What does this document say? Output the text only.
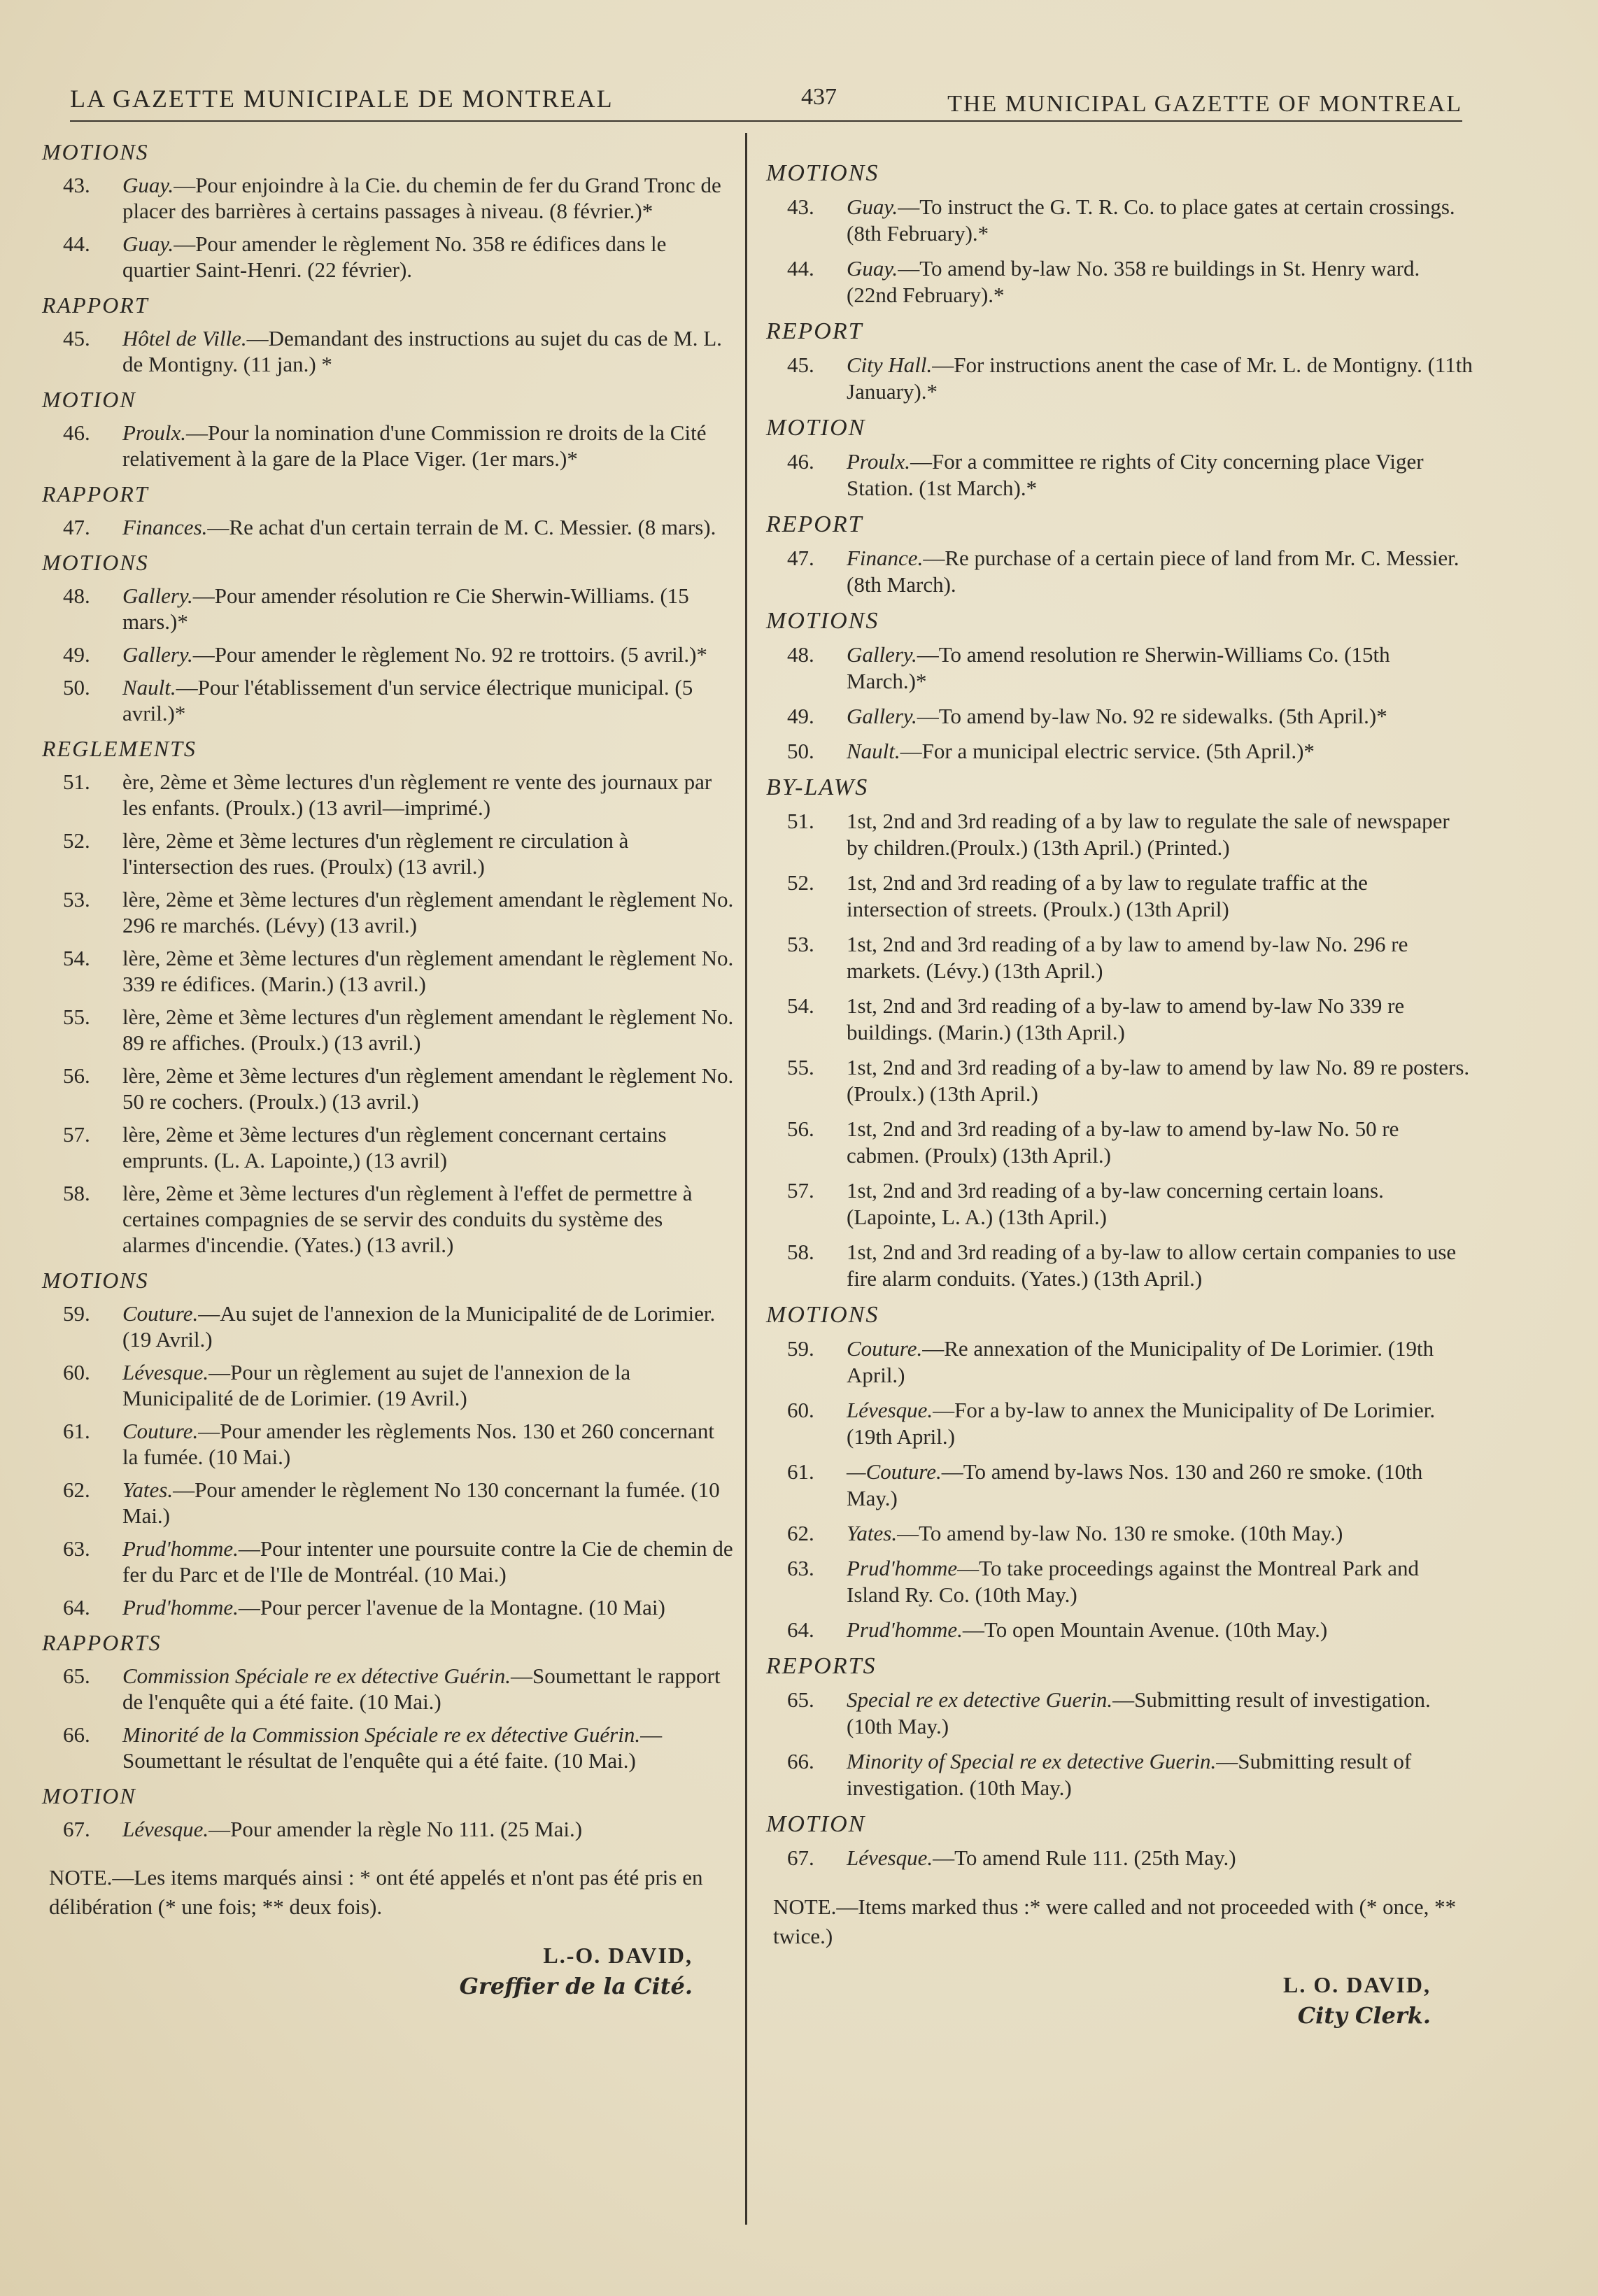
LA GAZETTE MUNICIPALE DE MONTREAL	437	THE MUNICIPAL GAZETTE OF MONTREAL
MOTIONS
43. Guay.—Pour enjoindre à la Cie. du chemin de fer du Grand Tronc de placer des barrières à certains passages à niveau. (8 février.)*
44. Guay.—Pour amender le règlement No. 358 re édifices dans le quartier Saint-Henri. (22 février).
RAPPORT
45. Hôtel de Ville.—Demandant des instructions au sujet du cas de M. L. de Montigny. (11 jan.) *
MOTION
46. Proulx.—Pour la nomination d'une Commission re droits de la Cité relativement à la gare de la Place Viger. (1er mars.)*
RAPPORT
47. Finances.—Re achat d'un certain terrain de M. C. Messier. (8 mars).
MOTIONS
48. Gallery.—Pour amender résolution re Cie Sherwin-Williams. (15 mars.)*
49. Gallery.—Pour amender le règlement No. 92 re trottoirs. (5 avril.)*
50. Nault.—Pour l'établissement d'un service électrique municipal. (5 avril.)*
REGLEMENTS
51. ère, 2ème et 3ème lectures d'un règlement re vente des journaux par les enfants. (Proulx.) (13 avril—imprimé.)
52. lère, 2ème et 3ème lectures d'un règlement re circulation à l'intersection des rues. (Proulx) (13 avril.)
53. lère, 2ème et 3ème lectures d'un règlement amendant le règlement No. 296 re marchés. (Lévy) (13 avril.)
54. lère, 2ème et 3ème lectures d'un règlement amendant le règlement No. 339 re édifices. (Marin.) (13 avril.)
55. lère, 2ème et 3ème lectures d'un règlement amendant le règlement No. 89 re affiches. (Proulx.) (13 avril.)
56. lère, 2ème et 3ème lectures d'un règlement amendant le règlement No. 50 re cochers. (Proulx.) (13 avril.)
57. lère, 2ème et 3ème lectures d'un règlement concernant certains emprunts. (L. A. Lapointe,) (13 avril)
58. lère, 2ème et 3ème lectures d'un règlement à l'effet de permettre à certaines compagnies de se servir des conduits du système des alarmes d'incendie. (Yates.) (13 avril.)
MOTIONS
59. Couture.—Au sujet de l'annexion de la Municipalité de de Lorimier. (19 Avril.)
60. Lévesque.—Pour un règlement au sujet de l'annexion de la Municipalité de de Lorimier. (19 Avril.)
61. Couture.—Pour amender les règlements Nos. 130 et 260 concernant la fumée. (10 Mai.)
62. Yates.—Pour amender le règlement No 130 concernant la fumée. (10 Mai.)
63. Prud'homme.—Pour intenter une poursuite contre la Cie de chemin de fer du Parc et de l'Ile de Montréal. (10 Mai.)
64. Prud'homme.—Pour percer l'avenue de la Montagne. (10 Mai)
RAPPORTS
65. Commission Spéciale re ex détective Guérin.—Soumettant le rapport de l'enquête qui a été faite. (10 Mai.)
66. Minorité de la Commission Spéciale re ex détective Guérin.—Soumettant le résultat de l'enquête qui a été faite. (10 Mai.)
MOTION
67. Lévesque.—Pour amender la règle No 111. (25 Mai.)
NOTE.—Les items marqués ainsi : * ont été appelés et n'ont pas été pris en délibération (* une fois; ** deux fois).
L.-O. DAVID,
Greffier de la Cité.
MOTIONS
43. Guay.—To instruct the G. T. R. Co. to place gates at certain crossings. (8th February).*
44. Guay.—To amend by-law No. 358 re buildings in St. Henry ward. (22nd February).*
REPORT
45. City Hall.—For instructions anent the case of Mr. L. de Montigny. (11th January).*
MOTION
46. Proulx.—For a committee re rights of City concerning place Viger Station. (1st March).*
REPORT
47. Finance.—Re purchase of a certain piece of land from Mr. C. Messier. (8th March).
MOTIONS
48. Gallery.—To amend resolution re Sherwin-Williams Co. (15th March.)*
49. Gallery.—To amend by-law No. 92 re sidewalks. (5th April.)*
50. Nault.—For a municipal electric service. (5th April.)*
BY-LAWS
51. 1st, 2nd and 3rd reading of a by law to regulate the sale of newspaper by children.(Proulx.) (13th April.) (Printed.)
52. 1st, 2nd and 3rd reading of a by law to regulate traffic at the intersection of streets. (Proulx.) (13th April)
53. 1st, 2nd and 3rd reading of a by law to amend by-law No. 296 re markets. (Lévy.) (13th April.)
54. 1st, 2nd and 3rd reading of a by-law to amend by-law No 339 re buildings. (Marin.) (13th April.)
55. 1st, 2nd and 3rd reading of a by-law to amend by law No. 89 re posters. (Proulx.) (13th April.)
56. 1st, 2nd and 3rd reading of a by-law to amend by-law No. 50 re cabmen. (Proulx) (13th April.)
57. 1st, 2nd and 3rd reading of a by-law concerning certain loans. (Lapointe, L. A.) (13th April.)
58. 1st, 2nd and 3rd reading of a by-law to allow certain companies to use fire alarm conduits. (Yates.) (13th April.)
MOTIONS
59. Couture.—Re annexation of the Municipality of De Lorimier. (19th April.)
60. Lévesque.—For a by-law to annex the Municipality of De Lorimier. (19th April.)
61. —Couture.—To amend by-laws Nos. 130 and 260 re smoke. (10th May.)
62. Yates.—To amend by-law No. 130 re smoke. (10th May.)
63. Prud'homme—To take proceedings against the Montreal Park and Island Ry. Co. (10th May.)
64. Prud'homme.—To open Mountain Avenue. (10th May.)
REPORTS
65. Special re ex detective Guerin.—Submitting result of investigation. (10th May.)
66. Minority of Special re ex detective Guerin.—Submitting result of investigation. (10th May.)
MOTION
67. Lévesque.—To amend Rule 111. (25th May.)
NOTE.—Items marked thus :* were called and not proceeded with (* once, ** twice.)
L. O. DAVID,
City Clerk.
